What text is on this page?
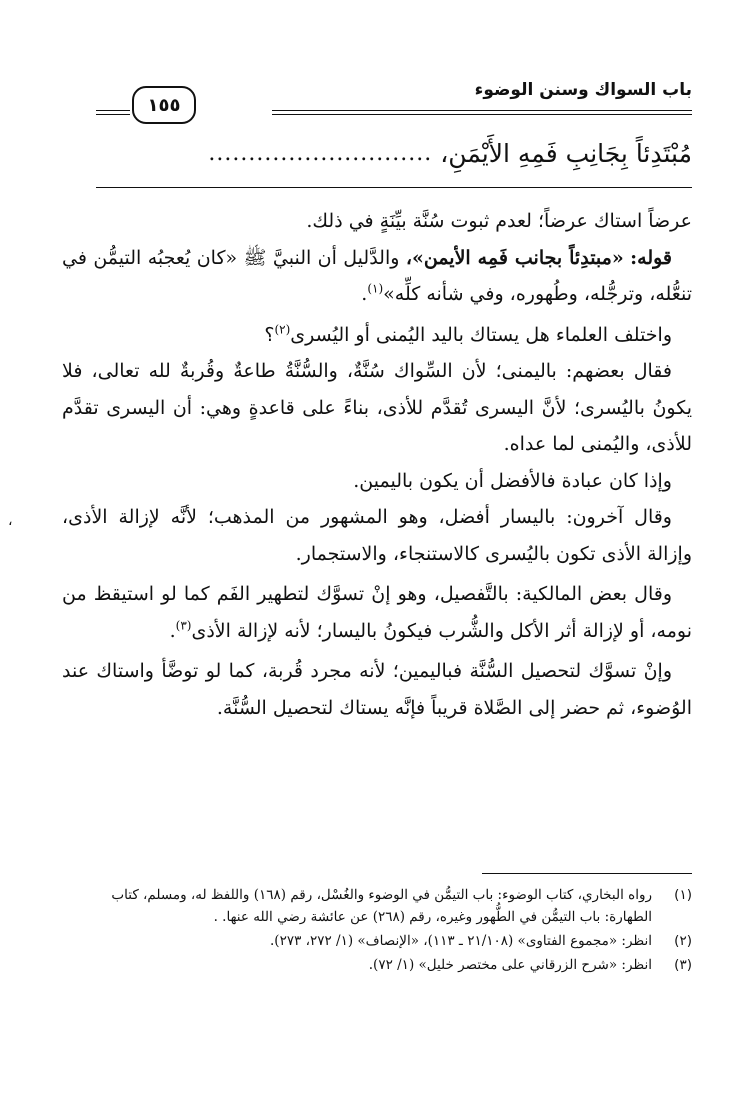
باب السواك وسنن الوضوء
١٥٥
مُبْتَدِئاً بِجَانِبِ فَمِهِ الأَيْمَنِ،
............................

عرضاً استاك عرضاً؛ لعدم ثبوت سُنَّة بيِّنَةٍ في ذلك.

قوله: «مبتدِئاً بجانب فَمِه الأيمن»، والدَّليل أن النبيَّ ﷺ «كان يُعجبُه التيمُّن في تنعُّله، وترجُّله، وطُهوره، وفي شأنه كلِّه»$^{(١)}$.

واختلف العلماء هل يستاك باليد اليُمنى أو اليُسرى$^{(٢)}$؟

فقال بعضهم: باليمنى؛ لأن السِّواك سُنَّةٌ، والسُّنَّةُ طاعةٌ وقُربةٌ لله تعالى، فلا يكونُ باليُسرى؛ لأنَّ اليسرى تُقدَّم للأذى، بناءً على قاعدةٍ وهي: أن اليسرى تقدَّم للأذى، واليُمنى لما عداه.

وإذا كان عبادة فالأفضل أن يكون باليمين.

وقال آخرون: باليسار أفضل، وهو المشهور من المذهب؛ لأنَّه لإزالة الأذى، وإزالة الأذى تكون باليُسرى كالاستنجاء، والاستجمار.

وقال بعض المالكية: بالتَّفصيل، وهو إنْ تسوَّك لتطهير الفَم كما لو استيقظ من نومه، أو لإزالة أثر الأكل والشُّرب فيكونُ باليسار؛ لأنه لإزالة الأذى$^{(٣)}$.

وإنْ تسوَّك لتحصيل السُّنَّة فباليمين؛ لأنه مجرد قُربة، كما لو توضَّأ واستاك عند الوُضوء، ثم حضر إلى الصَّلاة قريباً فإنَّه يستاك لتحصيل السُّنَّة.

(١)
رواه البخاري، كتاب الوضوء: باب التيمُّن في الوضوء والغُسْل، رقم (١٦٨) واللفظ له، ومسلم، كتاب الطهارة: باب التيمُّن في الطُّهور وغيره، رقم (٢٦٨) عن عائشة رضي الله عنها. .
(٢)
انظر: «مجموع الفتاوى» (٢١/١٠٨ ـ ١١٣)، «الإنصاف» (١/ ٢٧٢، ٢٧٣).
(٣)
انظر: «شرح الزرقاني على مختصر خليل» (١/ ٧٢).
،
